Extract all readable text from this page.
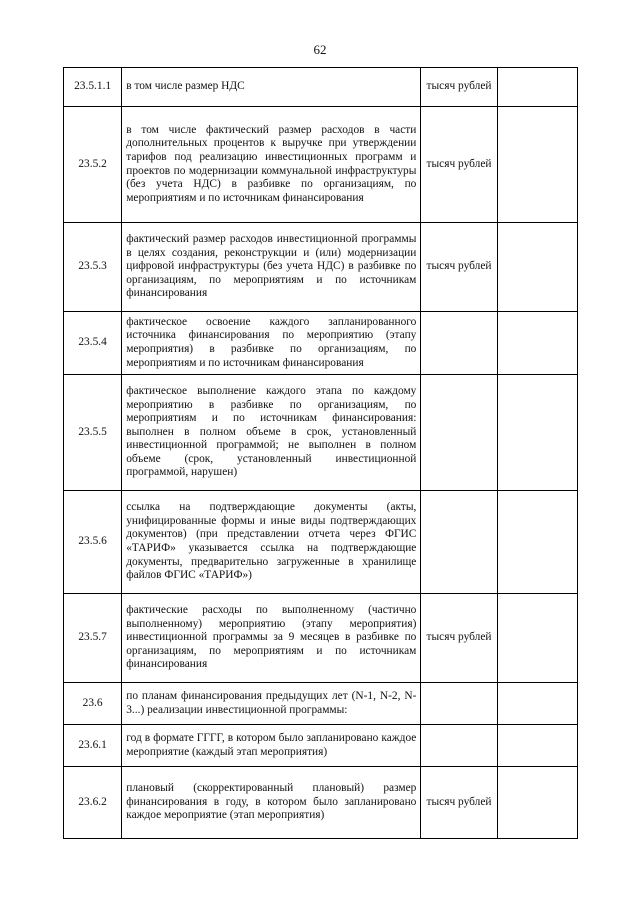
62
23.5.1.1	в том числе размер НДС	тысяч рублей	
23.5.2	в том числе фактический размер расходов в части дополнительных процентов к выручке при утверждении тарифов под реализацию инвестиционных программ и проектов по модернизации коммунальной инфраструктуры (без учета НДС) в разбивке по организациям, по мероприятиям и по источникам финансирования	тысяч рублей	
23.5.3	фактический размер расходов инвестиционной программы в целях создания, реконструкции и (или) модернизации цифровой инфраструктуры (без учета НДС) в разбивке по организациям, по мероприятиям и по источникам финансирования	тысяч рублей	
23.5.4	фактическое освоение каждого запланированного источника финансирования по мероприятию (этапу мероприятия) в разбивке по организациям, по мероприятиям и по источникам финансирования		
23.5.5	фактическое выполнение каждого этапа по каждому мероприятию в разбивке по организациям, по мероприятиям и по источникам финансирования: выполнен в полном объеме в срок, установленный инвестиционной программой; не выполнен в полном объеме (срок, установленный инвестиционной программой, нарушен)		
23.5.6	ссылка на подтверждающие документы (акты, унифицированные формы и иные виды подтверждающих документов) (при представлении отчета через ФГИС «ТАРИФ» указывается ссылка на подтверждающие документы, предварительно загруженные в хранилище файлов ФГИС «ТАРИФ»)		
23.5.7	фактические расходы по выполненному (частично выполненному) мероприятию (этапу мероприятия) инвестиционной программы за 9 месяцев в разбивке по организациям, по мероприятиям и по источникам финансирования	тысяч рублей	
23.6	по планам финансирования предыдущих лет (N-1, N-2, N-3...) реализации инвестиционной программы:		
23.6.1	год в формате ГГГГ, в котором было запланировано каждое мероприятие (каждый этап мероприятия)		
23.6.2	плановый (скорректированный плановый) размер финансирования в году, в котором было запланировано каждое мероприятие (этап мероприятия)	тысяч рублей	
